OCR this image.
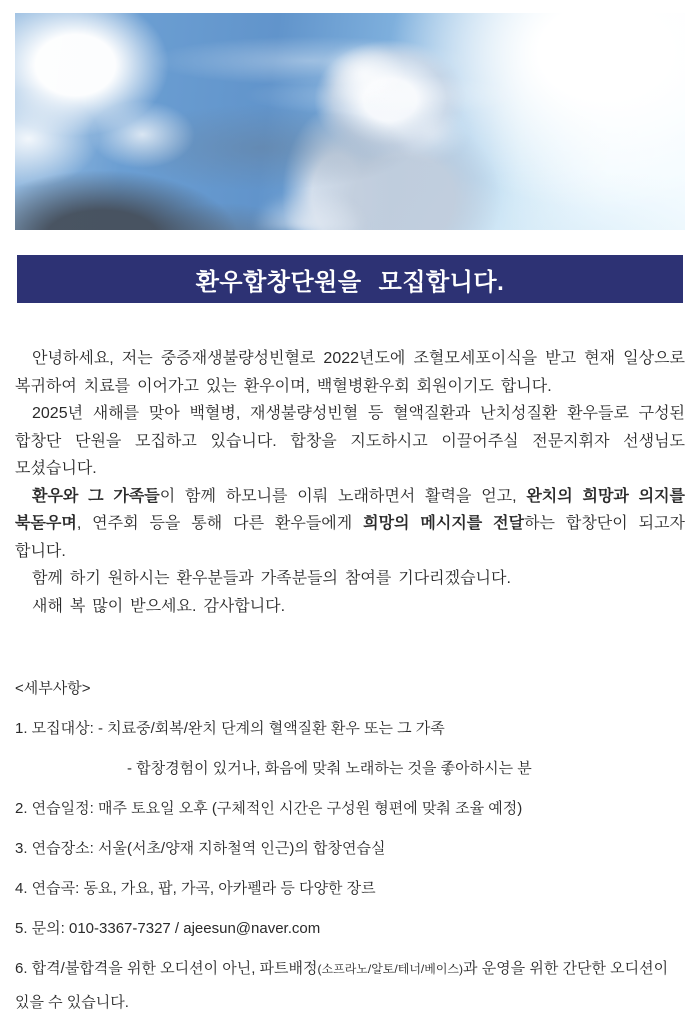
환우합창단원을 모집합니다.

안녕하세요, 저는 중증재생불량성빈혈로 2022년도에 조혈모세포이식을 받고 현재 일상으로 복귀하여 치료를 이어가고 있는 환우이며, 백혈병환우회 회원이기도 합니다.

2025년 새해를 맞아 백혈병, 재생불량성빈혈 등 혈액질환과 난치성질환 환우들로 구성된 합창단 단원을 모집하고 있습니다. 합창을 지도하시고 이끌어주실 전문지휘자 선생님도 모셨습니다.

환우와 그 가족들이 함께 하모니를 이뤄 노래하면서 활력을 얻고, 완치의 희망과 의지를 북돋우며, 연주회 등을 통해 다른 환우들에게 희망의 메시지를 전달하는 합창단이 되고자 합니다.

함께 하기 원하시는 환우분들과 가족분들의 참여를 기다리겠습니다.

새해 복 많이 받으세요. 감사합니다.

<세부사항>

1. 모집대상: - 치료중/회복/완치 단계의 혈액질환 환우 또는 그 가족

- 합창경험이 있거나, 화음에 맞춰 노래하는 것을 좋아하시는 분

2. 연습일정: 매주 토요일 오후 (구체적인 시간은 구성원 형편에 맞춰 조율 예정)

3. 연습장소: 서울(서초/양재 지하철역 인근)의 합창연습실

4. 연습곡: 동요, 가요, 팝, 가곡, 아카펠라 등 다양한 장르

5. 문의: 010-3367-7327 / ajeesun@naver.com

6. 합격/불합격을 위한 오디션이 아닌, 파트배정(소프라노/알토/테너/베이스)과 운영을 위한 간단한 오디션이 있을 수 있습니다.
